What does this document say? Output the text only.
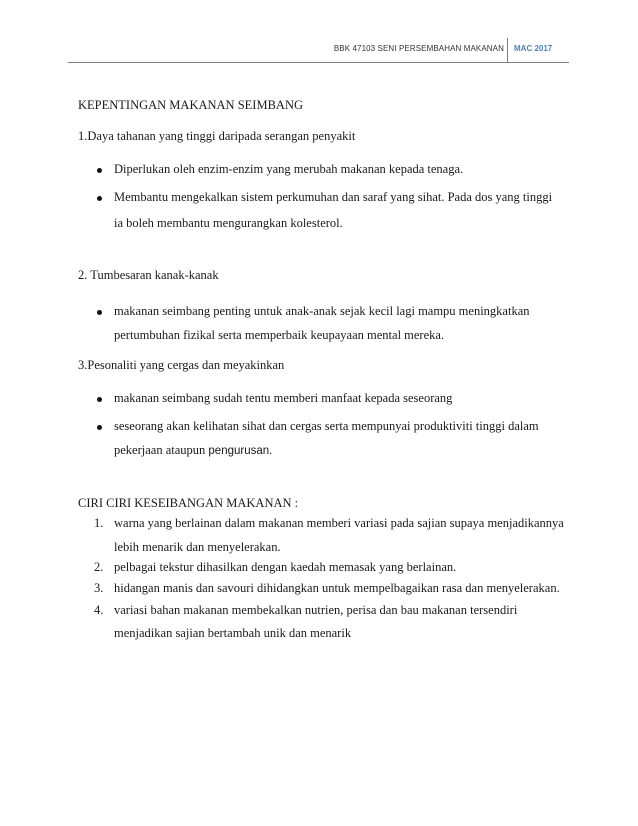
BBK 47103 SENI PERSEMBAHAN MAKANAN MAC 2017
KEPENTINGAN MAKANAN SEIMBANG
1.Daya tahanan yang tinggi daripada serangan penyakit
Diperlukan oleh enzim-enzim yang merubah makanan kepada tenaga.
Membantu mengekalkan sistem perkumuhan dan saraf yang sihat. Pada dos yang tinggi
ia boleh membantu mengurangkan kolesterol.
2. Tumbesaran kanak-kanak
makanan seimbang penting untuk anak-anak sejak kecil lagi mampu meningkatkan
pertumbuhan fizikal serta memperbaik keupayaan mental mereka.
3.Pesonaliti yang cergas dan meyakinkan
makanan seimbang sudah tentu memberi manfaat kepada seseorang
seseorang akan kelihatan sihat dan cergas serta mempunyai produktiviti tinggi dalam
pekerjaan ataupun pengurusan.
CIRI CIRI KESEIBANGAN MAKANAN :
1. warna yang berlainan dalam makanan memberi variasi pada sajian supaya menjadikannya
lebih menarik dan menyelerakan.
2. pelbagai tekstur dihasilkan dengan kaedah memasak yang berlainan.
3. hidangan manis dan savouri dihidangkan untuk mempelbagaikan rasa dan menyelerakan.
4. variasi bahan makanan membekalkan nutrien, perisa dan bau makanan tersendiri
menjadikan sajian bertambah unik dan menarik
